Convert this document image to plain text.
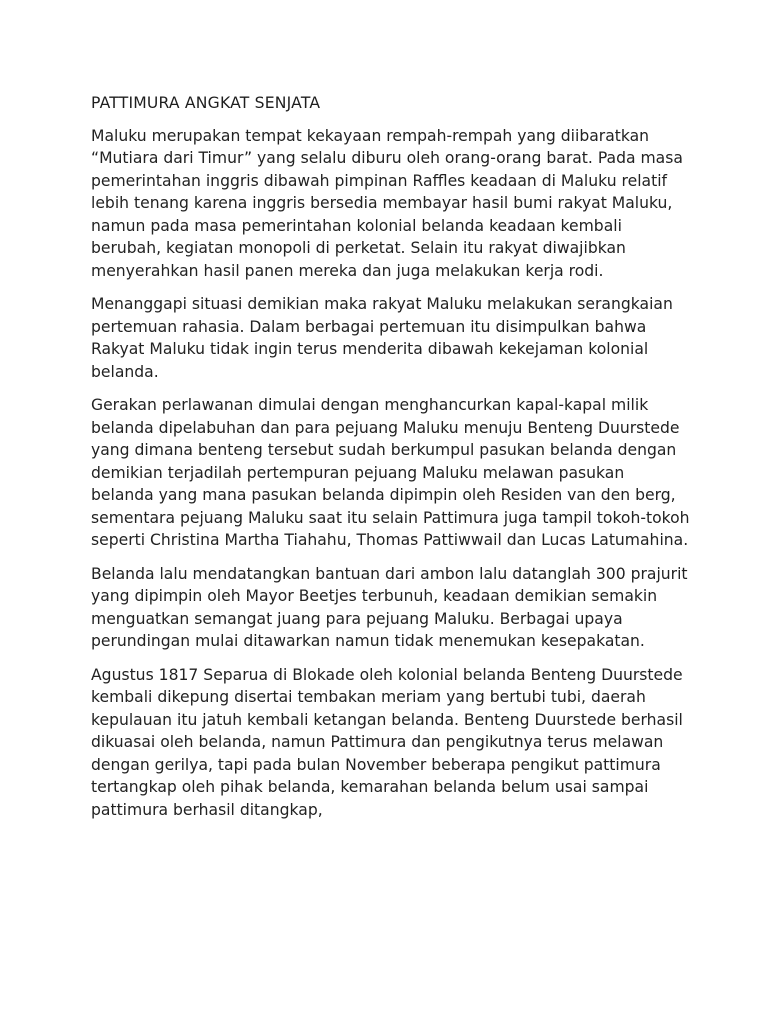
PATTIMURA ANGKAT SENJATA

Maluku merupakan tempat kekayaan rempah-rempah yang diibaratkan “Mutiara dari Timur” yang selalu diburu oleh orang-orang barat. Pada masa pemerintahan inggris dibawah pimpinan Raffles keadaan di Maluku relatif lebih tenang karena inggris bersedia membayar hasil bumi rakyat Maluku, namun pada masa pemerintahan kolonial belanda keadaan kembali berubah, kegiatan monopoli di perketat. Selain itu rakyat diwajibkan menyerahkan hasil panen mereka dan juga melakukan kerja rodi.

Menanggapi situasi demikian maka rakyat Maluku melakukan serangkaian pertemuan rahasia. Dalam berbagai pertemuan itu disimpulkan bahwa Rakyat Maluku tidak ingin terus menderita dibawah kekejaman kolonial belanda.

Gerakan perlawanan dimulai dengan menghancurkan kapal-kapal milik belanda dipelabuhan dan para pejuang Maluku menuju Benteng Duurstede yang dimana benteng tersebut sudah berkumpul pasukan belanda dengan demikian terjadilah pertempuran pejuang Maluku melawan pasukan belanda yang mana pasukan belanda dipimpin oleh Residen van den berg, sementara pejuang Maluku saat itu selain Pattimura juga tampil tokoh-tokoh seperti Christina Martha Tiahahu, Thomas Pattiwwail dan Lucas Latumahina.

Belanda lalu mendatangkan bantuan dari ambon lalu datanglah 300 prajurit yang dipimpin oleh Mayor Beetjes terbunuh, keadaan demikian semakin menguatkan semangat juang para pejuang Maluku. Berbagai upaya perundingan mulai ditawarkan namun tidak menemukan kesepakatan.

Agustus 1817 Separua di Blokade oleh kolonial belanda Benteng Duurstede kembali dikepung disertai tembakan meriam yang bertubi tubi, daerah kepulauan itu jatuh kembali ketangan belanda. Benteng Duurstede berhasil dikuasai oleh belanda, namun Pattimura dan pengikutnya terus melawan dengan gerilya, tapi pada bulan November beberapa pengikut pattimura tertangkap oleh pihak belanda, kemarahan belanda belum usai sampai pattimura berhasil ditangkap,
